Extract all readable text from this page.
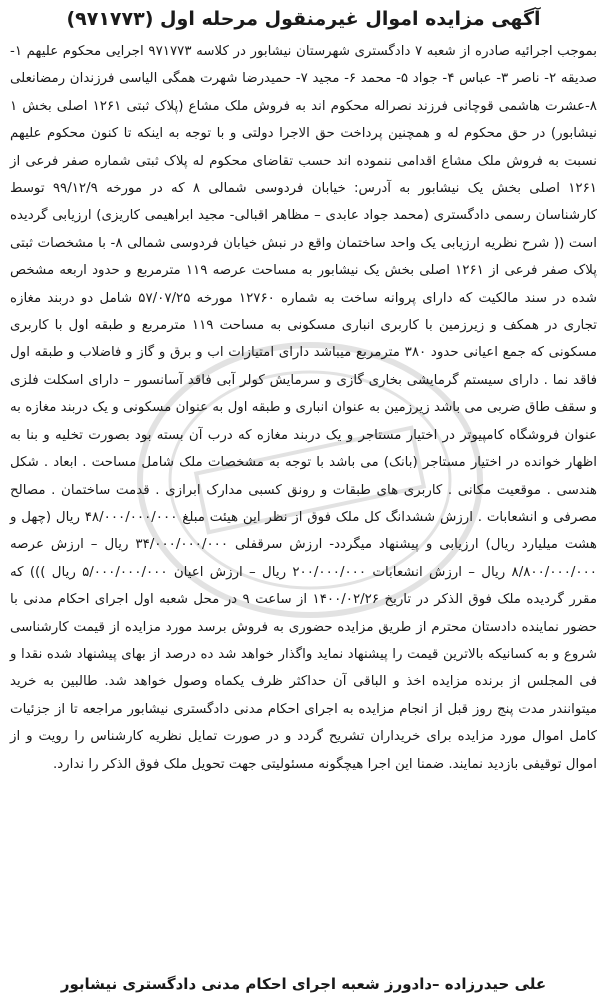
آگهی مزایده اموال غیرمنقول مرحله اول (۹۷۱۷۷۳)

بموجب اجرائیه صادره از شعبه ۷ دادگستری شهرستان نیشابور در کلاسه ۹۷۱۷۷۳ اجرایی محکوم علیهم ۱- صدیقه ۲- ناصر ۳- عباس ۴- جواد ۵- محمد ۶- مجید ۷- حمیدرضا شهرت همگی الیاسی فرزندان رمضانعلی ۸-عشرت هاشمی قوچانی فرزند نصراله محکوم اند به فروش ملک مشاع (پلاک ثبتی ۱۲۶۱ اصلی بخش ۱ نیشابور) در حق محکوم له و همچنین پرداخت حق الاجرا دولتی و با توجه به اینکه تا کنون محکوم علیهم نسبت به فروش ملک مشاع اقدامی ننموده اند حسب تقاضای محکوم له پلاک ثبتی شماره صفر فرعی از ۱۲۶۱ اصلی بخش یک نیشابور به آدرس: خیابان فردوسی شمالی ۸ که در مورخه ۹۹/۱۲/۹ توسط کارشناسان رسمی دادگستری (محمد جواد عابدی – مظاهر اقبالی- مجید ابراهیمی کاریزی) ارزیابی گردیده است (( شرح نظریه ارزیابی یک واحد ساختمان واقع در نبش خیابان فردوسی شمالی ۸- با مشخصات ثبتی پلاک صفر فرعی از ۱۲۶۱ اصلی بخش یک نیشابور به مساحت عرصه ۱۱۹ مترمربع و حدود اربعه مشخص شده در سند مالکیت که دارای پروانه ساخت به شماره ۱۲۷۶۰ مورخه ۵۷/۰۷/۲۵ شامل دو دربند مغازه تجاری در همکف و زیرزمین با کاربری انباری مسکونی به مساحت ۱۱۹ مترمربع و طبقه اول با کاربری مسکونی که جمع اعیانی حدود ۳۸۰ مترمربع میباشد دارای امتیازات اب و برق و گاز و فاضلاب و طبقه اول فاقد نما . دارای سیستم گرمایشی بخاری گازی و سرمایش کولر آبی فاقد آسانسور – دارای اسکلت فلزی و سقف طاق ضربی می باشد زیرزمین به عنوان انباری و طبقه اول به عنوان مسکونی و یک دربند مغازه به عنوان فروشگاه کامپیوتر در اختیار مستاجر و یک دربند مغازه که درب آن بسته بود بصورت تخلیه و بنا به اظهار خوانده در اختیار مستاجر (بانک) می باشد با توجه به مشخصات ملک شامل مساحت . ابعاد . شکل هندسی . موقعیت مکانی . کاربری های طبقات و رونق کسبی مدارک ابرازی . قدمت ساختمان . مصالح مصرفی و انشعابات . ارزش ششدانگ کل ملک فوق از نظر این هیئت مبلغ ۴۸/۰۰۰/۰۰۰/۰۰۰ ریال (چهل و هشت میلیارد ریال) ارزیابی و پیشنهاد میگردد- ارزش سرقفلی ۳۴/۰۰۰/۰۰۰/۰۰۰ ریال – ارزش عرصه ۸/۸۰۰/۰۰۰/۰۰۰ ریال – ارزش انشعابات ۲۰۰/۰۰۰/۰۰۰ ریال – ارزش اعیان ۵/۰۰۰/۰۰۰/۰۰۰ ریال ))) که مقرر گردیده ملک فوق الذکر در تاریخ ۱۴۰۰/۰۲/۲۶ از ساعت ۹ در محل شعبه اول اجرای احکام مدنی با حضور نماینده دادستان محترم از طریق مزایده حضوری به فروش برسد مورد مزایده از قیمت کارشناسی شروع و به کسانیکه بالاترین قیمت را پیشنهاد نماید واگذار خواهد شد ده درصد از بهای پیشنهاد شده نقدا و فی المجلس از برنده مزایده اخذ و الباقی آن حداکثر ظرف یکماه وصول خواهد شد. طالبین به خرید میتوانندر مدت پنج روز قبل از انجام مزایده به اجرای احکام مدنی دادگستری نیشابور مراجعه تا از جزئیات کامل اموال مورد مزایده برای خریداران تشریح گردد و در صورت تمایل نظریه کارشناس را رویت و از اموال توقیفی بازدید نمایند. ضمنا این اجرا هیچگونه مسئولیتی جهت تحویل ملک فوق الذکر را ندارد.

علی حیدرزاده –دادورز شعبه اجرای احکام مدنی دادگستری نیشابور
